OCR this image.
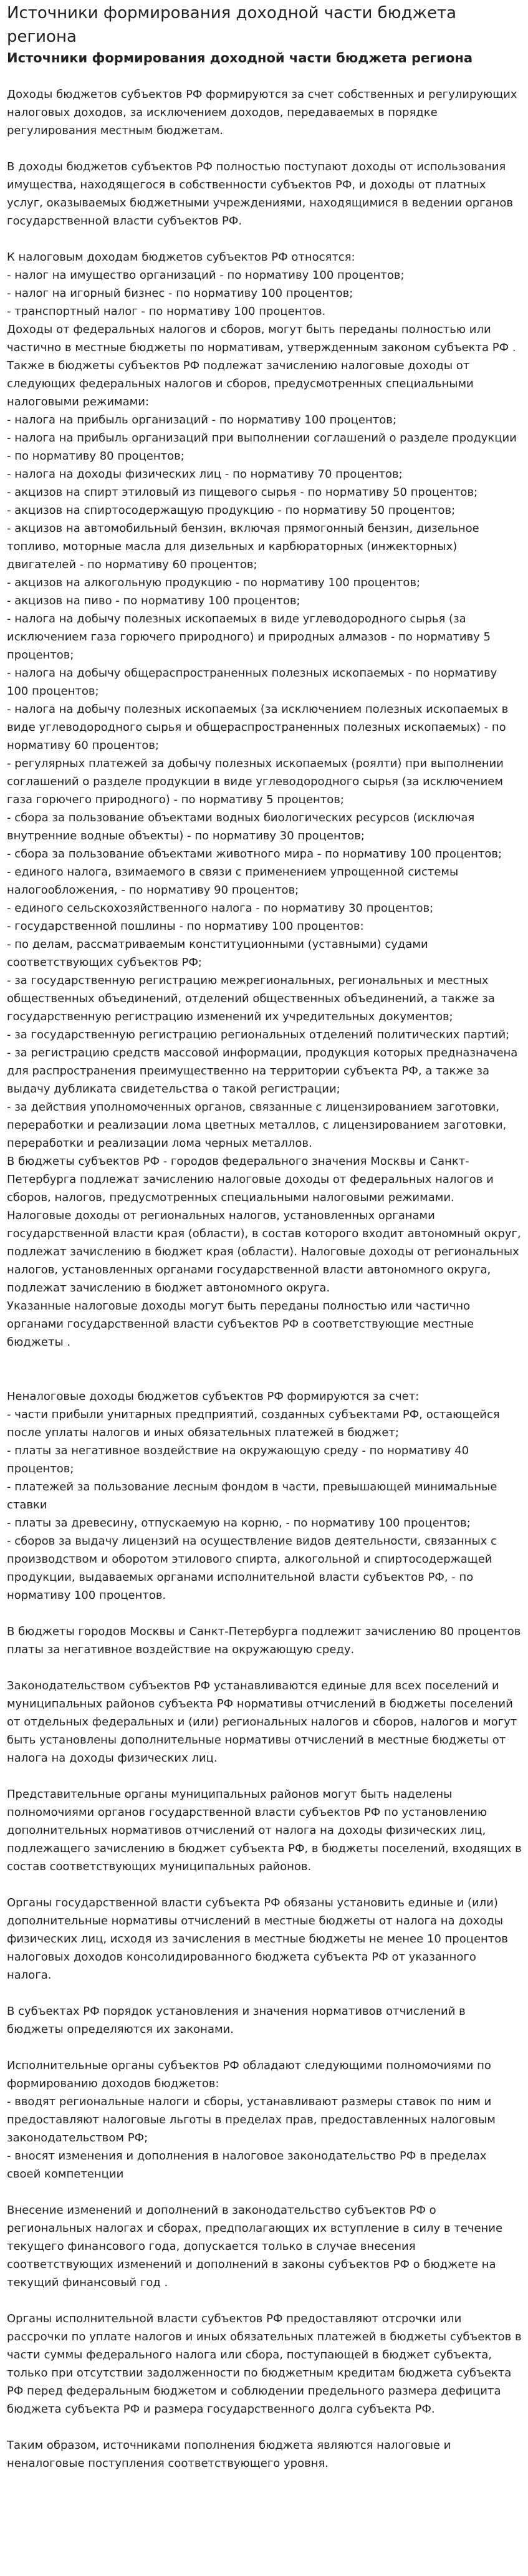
Источники формирования доходной части бюджета региона
Источники формирования доходной части бюджета региона

Доходы бюджетов субъектов РФ формируются за счет собственных и регулирующих налоговых доходов, за исключением доходов, передаваемых в порядке регулирования местным бюджетам.

В доходы бюджетов субъектов РФ полностью поступают доходы от использования имущества, находящегося в собственности субъектов РФ, и доходы от платных услуг, оказываемых бюджетными учреждениями, находящимися в ведении органов государственной власти субъектов РФ.

К налоговым доходам бюджетов субъектов РФ относятся:
- налог на имущество организаций - по нормативу 100 процентов;
- налог на игорный бизнес - по нормативу 100 процентов;
- транспортный налог - по нормативу 100 процентов.
Доходы от федеральных налогов и сборов, могут быть переданы полностью или частично в местные бюджеты по нормативам, утвержденным законом субъекта РФ .
Также в бюджеты субъектов РФ подлежат зачислению налоговые доходы от следующих федеральных налогов и сборов, предусмотренных специальными налоговыми режимами:
- налога на прибыль организаций - по нормативу 100 процентов;
- налога на прибыль организаций при выполнении соглашений о разделе продукции - по нормативу 80 процентов;
- налога на доходы физических лиц - по нормативу 70 процентов;
- акцизов на спирт этиловый из пищевого сырья - по нормативу 50 процентов;
- акцизов на спиртосодержащую продукцию - по нормативу 50 процентов;
- акцизов на автомобильный бензин, включая прямогонный бензин, дизельное топливо, моторные масла для дизельных и карбюраторных (инжекторных) двигателей - по нормативу 60 процентов;
- акцизов на алкогольную продукцию - по нормативу 100 процентов;
- акцизов на пиво - по нормативу 100 процентов;
- налога на добычу полезных ископаемых в виде углеводородного сырья (за исключением газа горючего природного) и природных алмазов - по нормативу 5 процентов;
- налога на добычу общераспространенных полезных ископаемых - по нормативу 100 процентов;
- налога на добычу полезных ископаемых (за исключением полезных ископаемых в виде углеводородного сырья и общераспространенных полезных ископаемых) - по нормативу 60 процентов;
- регулярных платежей за добычу полезных ископаемых (роялти) при выполнении соглашений о разделе продукции в виде углеводородного сырья (за исключением газа горючего природного) - по нормативу 5 процентов;
- сбора за пользование объектами водных биологических ресурсов (исключая внутренние водные объекты) - по нормативу 30 процентов;
- сбора за пользование объектами животного мира - по нормативу 100 процентов;
- единого налога, взимаемого в связи с применением упрощенной системы налогообложения, - по нормативу 90 процентов;
- единого сельскохозяйственного налога - по нормативу 30 процентов;
- государственной пошлины - по нормативу 100 процентов:
- по делам, рассматриваемым конституционными (уставными) судами соответствующих субъектов РФ;
- за государственную регистрацию межрегиональных, региональных и местных общественных объединений, отделений общественных объединений, а также за государственную регистрацию изменений их учредительных документов;
- за государственную регистрацию региональных отделений политических партий;
- за регистрацию средств массовой информации, продукция которых предназначена для распространения преимущественно на территории субъекта РФ, а также за выдачу дубликата свидетельства о такой регистрации;
- за действия уполномоченных органов, связанные с лицензированием заготовки, переработки и реализации лома цветных металлов, с лицензированием заготовки, переработки и реализации лома черных металлов.
В бюджеты субъектов РФ - городов федерального значения Москвы и Санкт-Петербурга подлежат зачислению налоговые доходы от федеральных налогов и сборов, налогов, предусмотренных специальными налоговыми режимами.
Налоговые доходы от региональных налогов, установленных органами государственной власти края (области), в состав которого входит автономный округ, подлежат зачислению в бюджет края (области). Налоговые доходы от региональных налогов, установленных органами государственной власти автономного округа, подлежат зачислению в бюджет автономного округа.
Указанные налоговые доходы могут быть переданы полностью или частично органами государственной власти субъектов РФ в соответствующие местные бюджеты .

Неналоговые доходы бюджетов субъектов РФ формируются за счет:
- части прибыли унитарных предприятий, созданных субъектами РФ, остающейся после уплаты налогов и иных обязательных платежей в бюджет;
- платы за негативное воздействие на окружающую среду - по нормативу 40 процентов;
- платежей за пользование лесным фондом в части, превышающей минимальные ставки
- платы за древесину, отпускаемую на корню, - по нормативу 100 процентов;
- сборов за выдачу лицензий на осуществление видов деятельности, связанных с производством и оборотом этилового спирта, алкогольной и спиртосодержащей продукции, выдаваемых органами исполнительной власти субъектов РФ, - по нормативу 100 процентов.

В бюджеты городов Москвы и Санкт-Петербурга подлежит зачислению 80 процентов платы за негативное воздействие на окружающую среду.

Законодательством субъектов РФ устанавливаются единые для всех поселений и муниципальных районов субъекта РФ нормативы отчислений в бюджеты поселений от отдельных федеральных и (или) региональных налогов и сборов, налогов и могут быть установлены дополнительные нормативы отчислений в местные бюджеты от налога на доходы физических лиц.

Представительные органы муниципальных районов могут быть наделены полномочиями органов государственной власти субъектов РФ по установлению дополнительных нормативов отчислений от налога на доходы физических лиц, подлежащего зачислению в бюджет субъекта РФ, в бюджеты поселений, входящих в состав соответствующих муниципальных районов.

Органы государственной власти субъекта РФ обязаны установить единые и (или) дополнительные нормативы отчислений в местные бюджеты от налога на доходы физических лиц, исходя из зачисления в местные бюджеты не менее 10 процентов налоговых доходов консолидированного бюджета субъекта РФ от указанного налога.

В субъектах РФ порядок установления и значения нормативов отчислений в бюджеты определяются их законами.

Исполнительные органы субъектов РФ обладают следующими полномочиями по формированию доходов бюджетов:
- вводят региональные налоги и сборы, устанавливают размеры ставок по ним и предоставляют налоговые льготы в пределах прав, предоставленных налоговым законодательством РФ;
- вносят изменения и дополнения в налоговое законодательство РФ в пределах своей компетенции

Внесение изменений и дополнений в законодательство субъектов РФ о региональных налогах и сборах, предполагающих их вступление в силу в течение текущего финансового года, допускается только в случае внесения соответствующих изменений и дополнений в законы субъектов РФ о бюджете на текущий финансовый год .

Органы исполнительной власти субъектов РФ предоставляют отсрочки или рассрочки по уплате налогов и иных обязательных платежей в бюджеты субъектов в части суммы федерального налога или сбора, поступающей в бюджет субъекта, только при отсутствии задолженности по бюджетным кредитам бюджета субъекта РФ перед федеральным бюджетом и соблюдении предельного размера дефицита бюджета субъекта РФ и размера государственного долга субъекта РФ.

Таким образом, источниками пополнения бюджета являются налоговые и неналоговые поступления соответствующего уровня.
